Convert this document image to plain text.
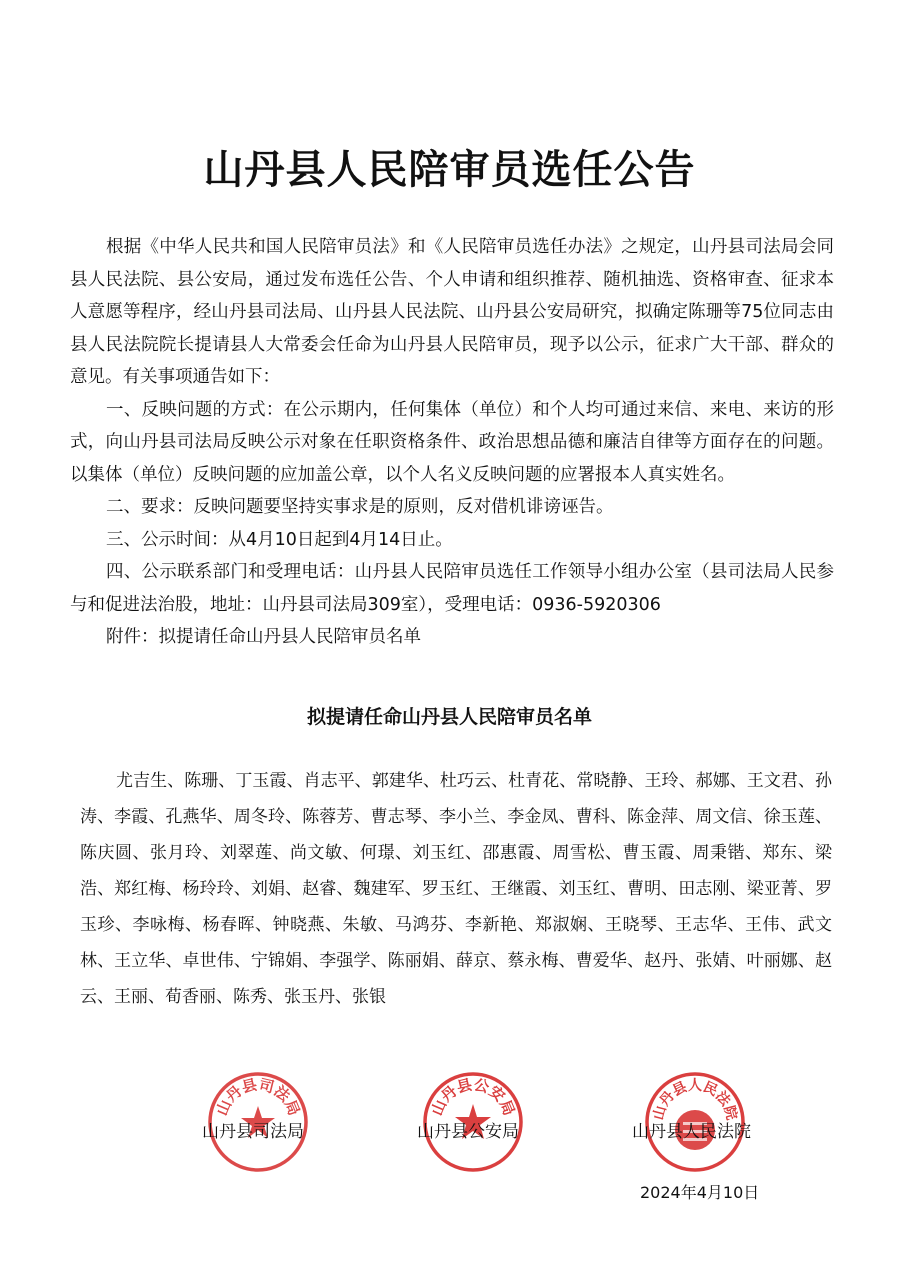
山丹县人民陪审员选任公告

根据《中华人民共和国人民陪审员法》和《人民陪审员选任办法》之规定，山丹县司法局会同县人民法院、县公安局，通过发布选任公告、个人申请和组织推荐、随机抽选、资格审查、征求本人意愿等程序，经山丹县司法局、山丹县人民法院、山丹县公安局研究，拟确定陈珊等75位同志由县人民法院院长提请县人大常委会任命为山丹县人民陪审员，现予以公示，征求广大干部、群众的意见。有关事项通告如下：

一、反映问题的方式：在公示期内，任何集体（单位）和个人均可通过来信、来电、来访的形式，向山丹县司法局反映公示对象在任职资格条件、政治思想品德和廉洁自律等方面存在的问题。以集体（单位）反映问题的应加盖公章，以个人名义反映问题的应署报本人真实姓名。

二、要求：反映问题要坚持实事求是的原则，反对借机诽谤诬告。

三、公示时间：从4月10日起到4月14日止。

四、公示联系部门和受理电话：山丹县人民陪审员选任工作领导小组办公室（县司法局人民参与和促进法治股，地址：山丹县司法局309室），受理电话：0936-5920306

附件：拟提请任命山丹县人民陪审员名单

拟提请任命山丹县人民陪审员名单

尤吉生、陈珊、丁玉霞、肖志平、郭建华、杜巧云、杜青花、常晓静、王玲、郝娜、王文君、孙涛、李霞、孔燕华、周冬玲、陈蓉芳、曹志琴、李小兰、李金凤、曹科、陈金萍、周文信、徐玉莲、陈庆圆、张月玲、刘翠莲、尚文敏、何璟、刘玉红、邵惠霞、周雪松、曹玉霞、周秉锴、郑东、梁浩、郑红梅、杨玲玲、刘娟、赵睿、魏建军、罗玉红、王继霞、刘玉红、曹明、田志刚、梁亚菁、罗玉珍、李咏梅、杨春晖、钟晓燕、朱敏、马鸿芬、李新艳、郑淑娴、王晓琴、王志华、王伟、武文林、王立华、卓世伟、宁锦娟、李强学、陈丽娟、薛京、蔡永梅、曹爱华、赵丹、张婧、叶丽娜、赵云、王丽、荀香丽、陈秀、张玉丹、张银

山丹县司法局	山丹县公安局	山丹县人民法院
山丹县司法局	山丹县公安局	山丹县人民法院
2024年4月10日
